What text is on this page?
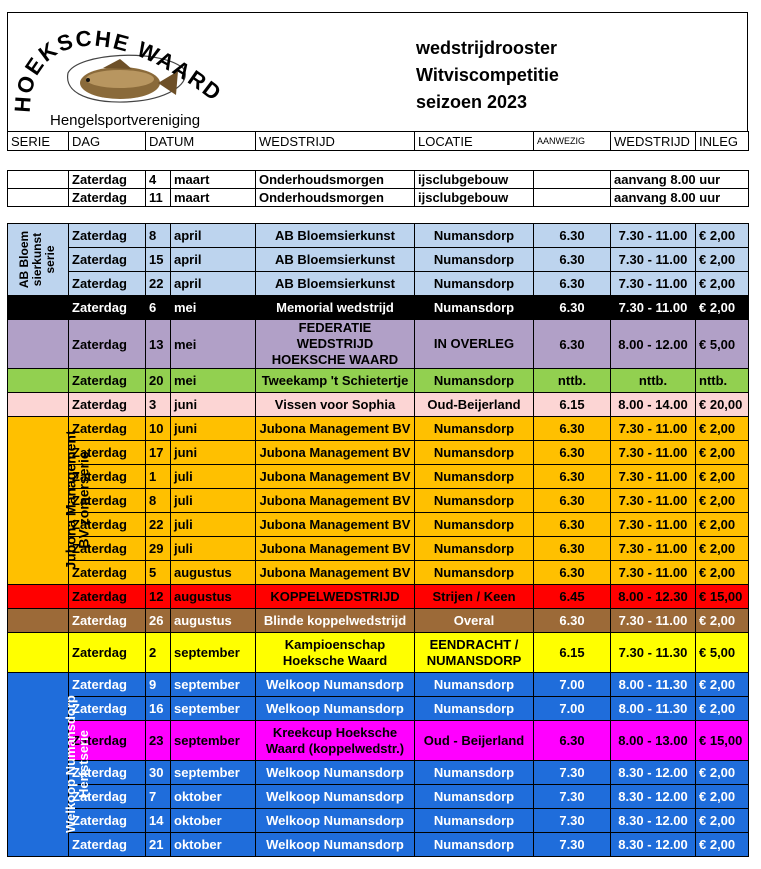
HOEKSCHE WAARD
Hengelsportvereniging
wedstrijdrooster
Witviscompetitie
seizoen 2023
SERIE	DAG	DATUM	WEDSTRIJD	LOCATIE	AANWEZIG	WEDSTRIJD	INLEG
	Zaterdag	4	maart	Onderhoudsmorgen	ijsclubgebouw		aanvang 8.00 uur
	Zaterdag	11	maart	Onderhoudsmorgen	ijsclubgebouw		aanvang 8.00 uur
AB Bloem sierkunst serie	Zaterdag	8	april	AB Bloemsierkunst	Numansdorp	6.30	7.30 - 11.00	€ 2,00
	Zaterdag	15	april	AB Bloemsierkunst	Numansdorp	6.30	7.30 - 11.00	€ 2,00
	Zaterdag	22	april	AB Bloemsierkunst	Numansdorp	6.30	7.30 - 11.00	€ 2,00
	Zaterdag	6	mei	Memorial wedstrijd	Numansdorp	6.30	7.30 - 11.00	€ 2,00
	Zaterdag	13	mei	FEDERATIE WEDSTRIJD HOEKSCHE WAARD	IN OVERLEG	6.30	8.00 - 12.00	€ 5,00
	Zaterdag	20	mei	Tweekamp 't Schietertje	Numansdorp	nttb.	nttb.	nttb.
	Zaterdag	3	juni	Vissen voor Sophia	Oud-Beijerland	6.15	8.00 - 14.00	€ 20,00

Jubona Management
BV zomerserie	Zaterdag	10	juni	Jubona Management BV	Numansdorp	6.30	7.30 - 11.00	€ 2,00
	Zaterdag	17	juni	Jubona Management BV	Numansdorp	6.30	7.30 - 11.00	€ 2,00
	Zaterdag	1	juli	Jubona Management BV	Numansdorp	6.30	7.30 - 11.00	€ 2,00
	Zaterdag	8	juli	Jubona Management BV	Numansdorp	6.30	7.30 - 11.00	€ 2,00
	Zaterdag	22	juli	Jubona Management BV	Numansdorp	6.30	7.30 - 11.00	€ 2,00
	Zaterdag	29	juli	Jubona Management BV	Numansdorp	6.30	7.30 - 11.00	€ 2,00
	Zaterdag	5	augustus	Jubona Management BV	Numansdorp	6.30	7.30 - 11.00	€ 2,00
	Zaterdag	12	augustus	KOPPELWEDSTRIJD	Strijen / Keen	6.45	8.00 - 12.30	€ 15,00
	Zaterdag	26	augustus	Blinde koppelwedstrijd	Overal	6.30	7.30 - 11.00	€ 2,00
	Zaterdag	2	september	Kampioenschap Hoeksche Waard	EENDRACHT / NUMANSDORP	6.15	7.30 - 11.30	€ 5,00

Welkoop Numansdorp
Herfstserie	Zaterdag	9	september	Welkoop Numansdorp	Numansdorp	7.00	8.00 - 11.30	€ 2,00
	Zaterdag	16	september	Welkoop Numansdorp	Numansdorp	7.00	8.00 - 11.30	€ 2,00
	Zaterdag	23	september	Kreekcup Hoeksche Waard (koppelwedstr.)	Oud - Beijerland	6.30	8.00 - 13.00	€ 15,00
	Zaterdag	30	september	Welkoop Numansdorp	Numansdorp	7.30	8.30 - 12.00	€ 2,00
	Zaterdag	7	oktober	Welkoop Numansdorp	Numansdorp	7.30	8.30 - 12.00	€ 2,00
	Zaterdag	14	oktober	Welkoop Numansdorp	Numansdorp	7.30	8.30 - 12.00	€ 2,00
	Zaterdag	21	oktober	Welkoop Numansdorp	Numansdorp	7.30	8.30 - 12.00	€ 2,00
